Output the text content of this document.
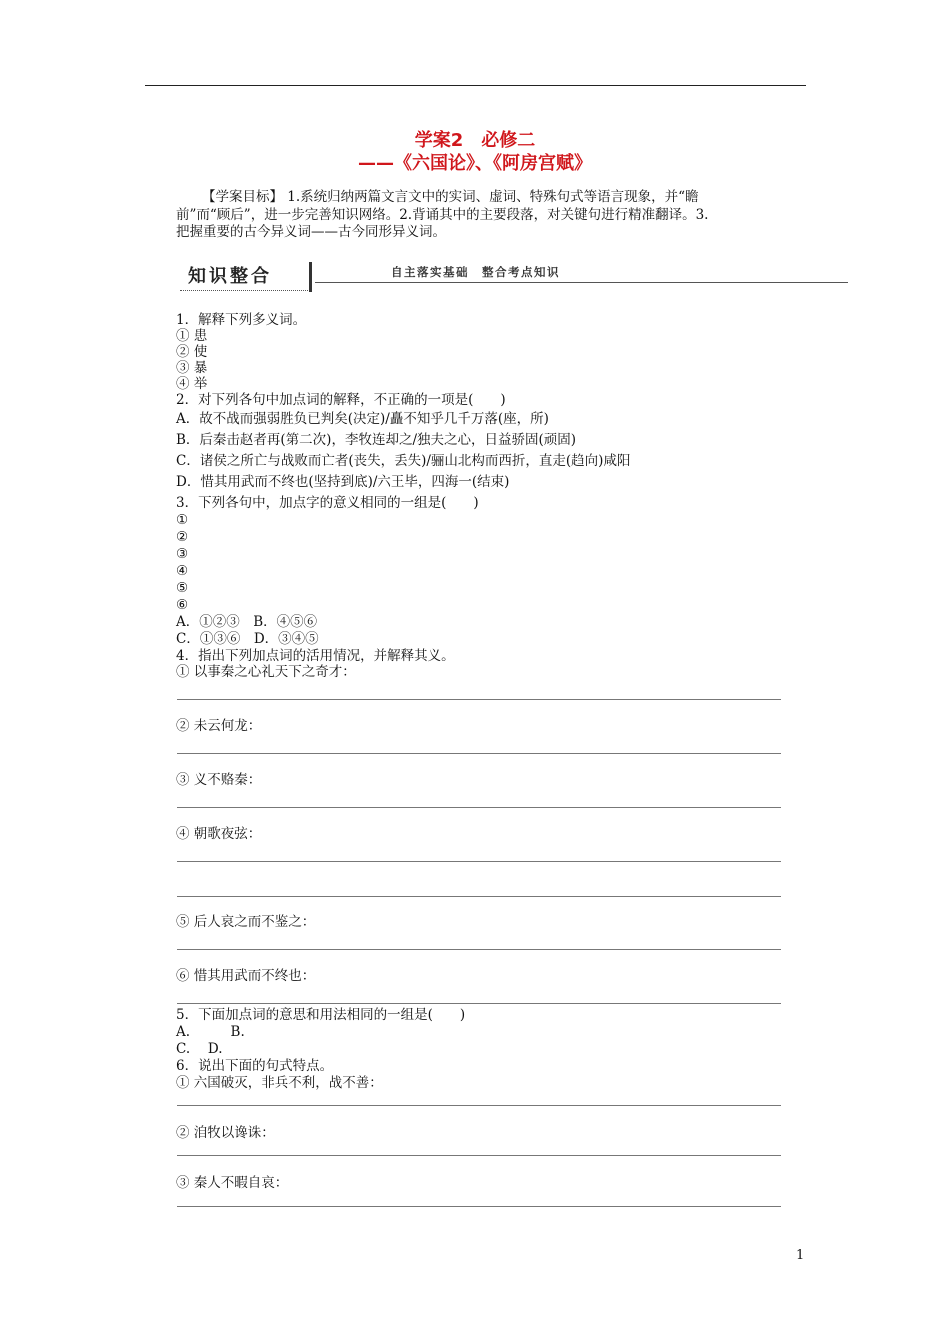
学案2　必修二
——《六国论》、《阿房宫赋》
【学案目标】 1.系统归纳两篇文言文中的实词、虚词、特殊句式等语言现象，并“瞻
前”而“顾后”，进一步完善知识网络。2.背诵其中的主要段落，对关键句进行精准翻译。3.
把握重要的古今异义词——古今同形异义词。
知识整合	自主落实基础　整合考点知识
1．解释下列多义词。
① 患
② 使
③ 暴
④ 举
2．对下列各句中加点词的解释，不正确的一项是(　　)
A．故不战而强弱胜负已判矣(决定)/矗不知乎几千万落(座，所)
B．后秦击赵者再(第二次)，李牧连却之/独夫之心，日益骄固(顽固)
C．诸侯之所亡与战败而亡者(丧失，丢失)/骊山北构而西折，直走(趋向)咸阳
D．惜其用武而不终也(坚持到底)/六王毕，四海一(结束)
3．下列各句中，加点字的意义相同的一组是(　　)
①
②
③
④
⑤
⑥
A．①②③　B．④⑤⑥
C．①③⑥　D．③④⑤
4．指出下列加点词的活用情况，并解释其义。
① 以事秦之心礼天下之奇才：
② 未云何龙：
③ 义不赂秦：
④ 朝歌夜弦：
⑤ 后人哀之而不鉴之：
⑥ 惜其用武而不终也：
5．下面加点词的意思和用法相同的一组是(　　)
A.　　　B.
C.　 D.
6．说出下面的句式特点。
① 六国破灭，非兵不利，战不善：
② 洎牧以谗诛：
③ 秦人不暇自哀：
1
